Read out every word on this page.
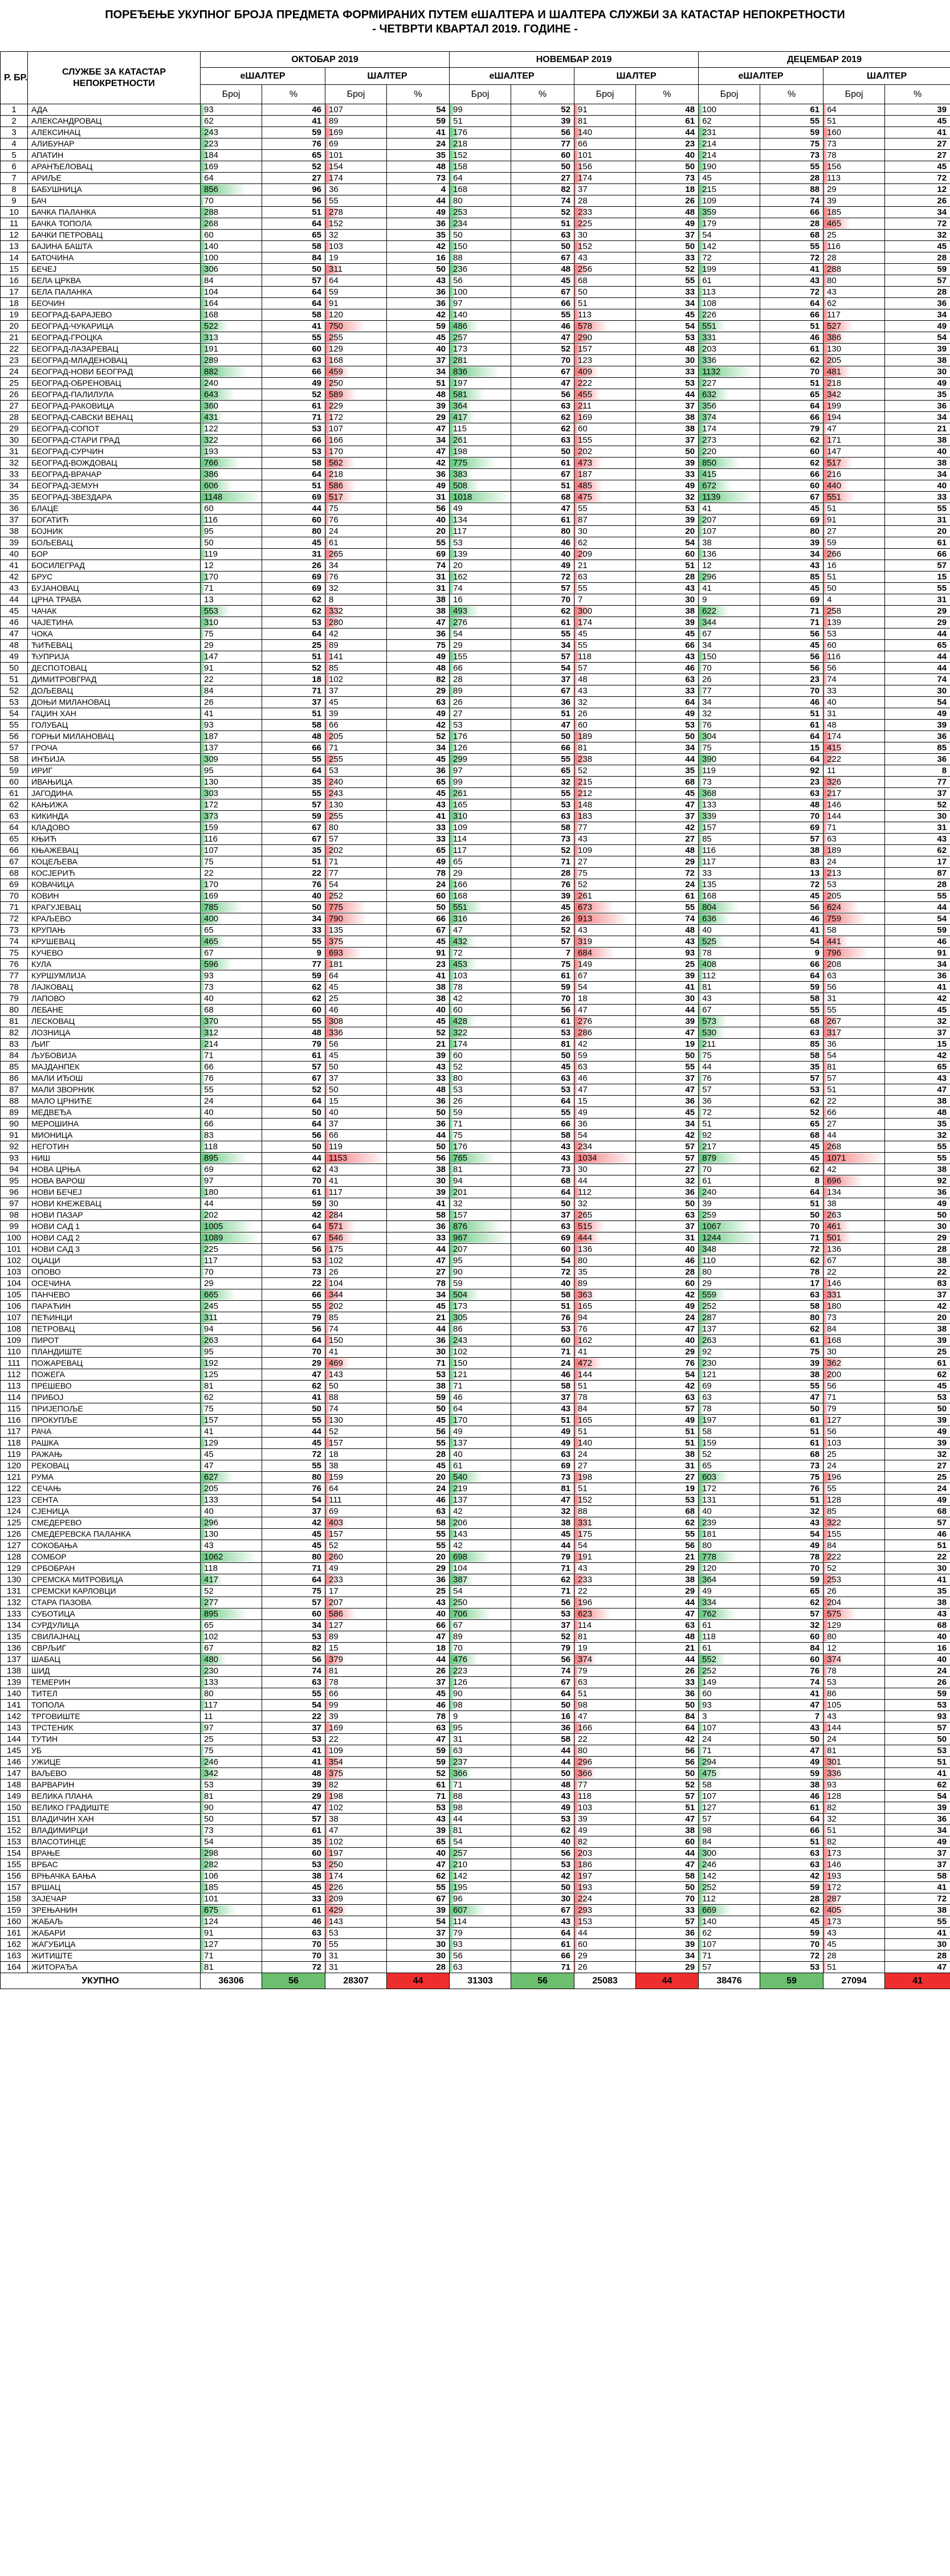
ПОРЕЂЕЊЕ УКУПНОГ БРОЈА ПРЕДМЕТА ФОРМИРАНИХ ПУТЕМ еШАЛТЕРА И ШАЛТЕРА СЛУЖБИ ЗА КАТАСТАР НЕПОКРЕТНОСТИ
- ЧЕТВРТИ КВАРТАЛ 2019. ГОДИНЕ -
Р. БР.	СЛУЖБЕ ЗА КАТАСТАР НЕПОКРЕТНОСТИ	ОКТОБАР 2019				НОВЕМБАР 2019				ДЕЦЕМБАР 2019			
		еШАЛТЕР		ШАЛТЕР		еШАЛТЕР		ШАЛТЕР		еШАЛТЕР		ШАЛТЕР	
		Број	%	Број	%	Број	%	Број	%	Број	%	Број	%
1	АДА	93	46	107	54	99	52	91	48	100	61	64	39
2	АЛЕКСАНДРОВАЦ	62	41	89	59	51	39	81	61	62	55	51	45
3	АЛЕКСИНАЦ	243	59	169	41	176	56	140	44	231	59	160	41
4	АЛИБУНАР	223	76	69	24	218	77	66	23	214	75	73	27
5	АПАТИН	184	65	101	35	152	60	101	40	214	73	78	27
6	АРАНЂЕЛОВАЦ	169	52	154	48	158	50	156	50	190	55	156	45
7	АРИЉЕ	64	27	174	73	64	27	174	73	45	28	113	72
8	БАБУШНИЦА	856	96	36	4	168	82	37	18	215	88	29	12
9	БАЧ	70	56	55	44	80	74	28	26	109	74	39	26
10	БАЧКА ПАЛАНКА	288	51	278	49	253	52	233	48	359	66	185	34
11	БАЧКА ТОПОЛА	268	64	152	36	234	51	225	49	179	28	465	72
12	БАЧКИ ПЕТРОВАЦ	60	65	32	35	50	63	30	37	54	68	25	32
13	БАЈИНА БАШТА	140	58	103	42	150	50	152	50	142	55	116	45
14	БАТОЧИНА	100	84	19	16	88	67	43	33	72	72	28	28
15	БЕЧЕЈ	306	50	311	50	236	48	256	52	199	41	288	59
16	БЕЛА ЦРКВА	84	57	64	43	56	45	68	55	61	43	80	57
17	БЕЛА ПАЛАНКА	104	64	59	36	100	67	50	33	113	72	43	28
18	БЕОЧИН	164	64	91	36	97	66	51	34	108	64	62	36
19	БЕОГРАД-БАРАЈЕВО	168	58	120	42	140	55	113	45	226	66	117	34
20	БЕОГРАД-ЧУКАРИЦА	522	41	750	59	486	46	578	54	551	51	527	49
21	БЕОГРАД-ГРОЦКА	313	55	255	45	257	47	290	53	331	46	386	54
22	БЕОГРАД-ЛАЗАРЕВАЦ	191	60	129	40	173	52	157	48	203	61	130	39
23	БЕОГРАД-МЛАДЕНОВАЦ	289	63	168	37	281	70	123	30	336	62	205	38
24	БЕОГРАД-НОВИ БЕОГРАД	882	66	459	34	836	67	409	33	1132	70	481	30
25	БЕОГРАД-ОБРЕНОВАЦ	240	49	250	51	197	47	222	53	227	51	218	49
26	БЕОГРАД-ПАЛИЛУЛА	643	52	589	48	581	56	455	44	632	65	342	35
27	БЕОГРАД-РАКОВИЦА	360	61	229	39	364	63	211	37	356	64	199	36
28	БЕОГРАД-САВСКИ ВЕНАЦ	431	71	172	29	417	62	169	38	374	66	194	34
29	БЕОГРАД-СОПОТ	122	53	107	47	115	62	60	38	174	79	47	21
30	БЕОГРАД-СТАРИ ГРАД	322	66	166	34	261	63	155	37	273	62	171	38
31	БЕОГРАД-СУРЧИН	193	53	170	47	198	50	202	50	220	60	147	40
32	БЕОГРАД-ВОЖДОВАЦ	766	58	562	42	775	61	473	39	850	62	517	38
33	БЕОГРАД-ВРАЧАР	386	64	218	36	383	67	187	33	415	66	216	34
34	БЕОГРАД-ЗЕМУН	606	51	586	49	508	51	485	49	672	60	440	40
35	БЕОГРАД-ЗВЕЗДАРА	1148	69	517	31	1018	68	475	32	1139	67	551	33
36	БЛАЦЕ	60	44	75	56	49	47	55	53	41	45	51	55
37	БОГАТИЋ	116	60	76	40	134	61	87	39	207	69	91	31
38	БОЈНИК	95	80	24	20	117	80	30	20	107	80	27	20
39	БОЉЕВАЦ	50	45	61	55	53	46	62	54	38	39	59	61
40	БОР	119	31	265	69	139	40	209	60	136	34	266	66
41	БОСИЛЕГРАД	12	26	34	74	20	49	21	51	12	43	16	57
42	БРУС	170	69	76	31	162	72	63	28	296	85	51	15
43	БУЈАНОВАЦ	71	69	32	31	74	57	55	43	41	45	50	55
44	ЦРНА ТРАВА	13	62	8	38	16	70	7	30	9	69	4	31
45	ЧАЧАК	553	62	332	38	493	62	300	38	622	71	258	29
46	ЧАЈЕТИНА	310	53	280	47	276	61	174	39	344	71	139	29
47	ЧОКА	75	64	42	36	54	55	45	45	67	56	53	44
48	ЋИЋЕВАЦ	29	25	89	75	29	34	55	66	34	45	60	65
49	ЋУПРИЈА	147	51	141	49	155	57	118	43	150	56	116	44
50	ДЕСПОТОВАЦ	91	52	85	48	66	54	57	46	70	56	56	44
51	ДИМИТРОВГРАД	22	18	102	82	28	37	48	63	26	23	74	74
52	ДОЉЕВАЦ	84	71	37	29	89	67	43	33	77	70	33	30
53	ДОЊИ МИЛАНОВАЦ	26	37	45	63	26	36	32	64	34	46	40	54
54	ГАЏИН ХАН	41	51	39	49	27	51	26	49	32	51	31	49
55	ГОЛУБАЦ	93	58	66	42	53	47	60	53	76	61	48	39
56	ГОРЊИ МИЛАНОВАЦ	187	48	205	52	176	50	189	50	304	64	174	36
57	ГРОЧА	137	66	71	34	126	66	81	34	75	15	415	85
58	ИНЂИЈА	309	55	255	45	299	55	238	44	390	64	222	36
59	ИРИГ	95	64	53	36	97	65	52	35	119	92	11	8
60	ИВАЊИЦА	130	35	240	65	99	32	215	68	73	23	326	77
61	ЈАГОДИНА	303	55	243	45	261	55	212	45	368	63	217	37
62	КАЊИЖА	172	57	130	43	165	53	148	47	133	48	146	52
63	КИКИНДА	373	59	255	41	310	63	183	37	339	70	144	30
64	КЛАДОВО	159	67	80	33	109	58	77	42	157	69	71	31
65	КЊИЋ	116	67	57	33	114	73	43	27	85	57	63	43
66	КЊАЖЕВАЦ	107	35	202	65	117	52	109	48	116	38	189	62
67	КОЦЕЉЕВА	75	51	71	49	65	71	27	29	117	83	24	17
68	КОСЈЕРИЋ	22	22	77	78	29	28	75	72	33	13	213	87
69	КОВАЧИЦА	170	76	54	24	166	76	52	24	135	72	53	28
70	КОВИН	169	40	252	60	168	39	261	61	168	45	205	55
71	КРАГУЈЕВАЦ	785	50	775	50	551	45	673	55	804	56	624	44
72	КРАЉЕВО	400	34	790	66	316	26	913	74	636	46	759	54
73	КРУПАЊ	65	33	135	67	47	52	43	48	40	41	58	59
74	КРУШЕВАЦ	465	55	375	45	432	57	319	43	525	54	441	46
75	КУЧЕВО	67	9	693	91	72	7	684	93	78	9	796	91
76	КУЛА	596	77	181	23	453	75	149	25	408	66	208	34
77	КУРШУМЛИЈА	93	59	64	41	103	61	67	39	112	64	63	36
78	ЛАЈКОВАЦ	73	62	45	38	78	59	54	41	81	59	56	41
79	ЛАПОВО	40	62	25	38	42	70	18	30	43	58	31	42
80	ЛЕБАНЕ	68	60	46	40	60	56	47	44	67	55	55	45
81	ЛЕСКОВАЦ	370	55	308	45	428	61	276	39	573	68	267	32
82	ЛОЗНИЦА	312	48	336	52	322	53	286	47	530	63	317	37
83	ЉИГ	214	79	56	21	174	81	42	19	211	85	36	15
84	ЉУБОВИЈА	71	61	45	39	60	50	59	50	75	58	54	42
85	МАЈДАНПЕК	66	57	50	43	52	45	63	55	44	35	81	65
86	МАЛИ ИЂОШ	76	67	37	33	80	63	46	37	76	57	57	43
87	МАЛИ ЗВОРНИК	55	52	50	48	53	53	47	47	57	53	51	47
88	МАЛО ЦРНИЋЕ	24	64	15	36	26	64	15	36	36	62	22	38
89	МЕДВЕЂА	40	50	40	50	59	55	49	45	72	52	66	48
90	МЕРОШИНА	66	64	37	36	71	66	36	34	51	65	27	35
91	МИОНИЦА	83	56	66	44	75	58	54	42	92	68	44	32
92	НЕГОТИН	118	50	119	50	176	43	234	57	217	45	268	55
93	НИШ	895	44	1153	56	765	43	1034	57	879	45	1071	55
94	НОВА ЦРЊА	69	62	43	38	81	73	30	27	70	62	42	38
95	НОВА ВАРОШ	97	70	41	30	94	68	44	32	61	8	696	92
96	НОВИ БЕЧЕЈ	180	61	117	39	201	64	112	36	240	64	134	36
97	НОВИ КНЕЖЕВАЦ	44	59	30	41	32	50	32	50	39	51	38	49
98	НОВИ ПАЗАР	202	42	284	58	157	37	265	63	259	50	263	50
99	НОВИ САД 1	1005	64	571	36	876	63	515	37	1067	70	461	30
100	НОВИ САД 2	1089	67	546	33	967	69	444	31	1244	71	501	29
101	НОВИ САД 3	225	56	175	44	207	60	136	40	348	72	136	28
102	ОЏАЦИ	117	53	102	47	95	54	80	46	110	62	67	38
103	ОПОВО	70	73	26	27	90	72	35	28	80	78	22	22
104	ОСЕЧИНА	29	22	104	78	59	40	89	60	29	17	146	83
105	ПАНЧЕВО	665	66	344	34	504	58	363	42	559	63	331	37
106	ПАРАЋИН	245	55	202	45	173	51	165	49	252	58	180	42
107	ПЕЋИНЦИ	311	79	85	21	305	76	94	24	287	80	73	20
108	ПЕТРОВАЦ	94	56	74	44	86	53	76	47	137	62	84	38
109	ПИРОТ	263	64	150	36	243	60	162	40	263	61	168	39
110	ПЛАНДИШТЕ	95	70	41	30	102	71	41	29	92	75	30	25
111	ПОЖАРЕВАЦ	192	29	469	71	150	24	472	76	230	39	362	61
112	ПОЖЕГА	125	47	143	53	121	46	144	54	121	38	200	62
113	ПРЕШЕВО	81	62	50	38	71	58	51	42	69	55	56	45
114	ПРИБОЈ	62	41	88	59	46	37	78	63	63	47	71	53
115	ПРИЈЕПОЉЕ	75	50	74	50	64	43	84	57	78	50	79	50
116	ПРОКУПЉЕ	157	55	130	45	170	51	165	49	197	61	127	39
117	РАЧА	41	44	52	56	49	49	51	51	58	51	56	49
118	РАШКА	129	45	157	55	137	49	140	51	159	61	103	39
119	РАЖАЊ	45	72	18	28	40	63	24	38	52	68	25	32
120	РЕКОВАЦ	47	55	38	45	61	69	27	31	65	73	24	27
121	РУМА	627	80	159	20	540	73	198	27	603	75	196	25
122	СЕЧАЊ	205	76	64	24	219	81	51	19	172	76	55	24
123	СЕНТА	133	54	111	46	137	47	152	53	131	51	128	49
124	СЈЕНИЦА	40	37	69	63	42	32	88	68	40	32	85	68
125	СМЕДЕРЕВО	296	42	403	58	206	38	331	62	239	43	322	57
126	СМЕДЕРЕВСКА ПАЛАНКА	130	45	157	55	143	45	175	55	181	54	155	46
127	СОКОБАЊА	43	45	52	55	42	44	54	56	80	49	84	51
128	СОМБОР	1062	80	260	20	698	79	191	21	778	78	222	22
129	СРБОБРАН	118	71	49	29	104	71	43	29	120	70	52	30
130	СРЕМСКА МИТРОВИЦА	417	64	233	36	387	62	233	38	364	59	253	41
131	СРЕМСКИ КАРЛОВЦИ	52	75	17	25	54	71	22	29	49	65	26	35
132	СТАРА ПАЗОВА	277	57	207	43	250	56	196	44	334	62	204	38
133	СУБОТИЦА	895	60	586	40	706	53	623	47	762	57	575	43
134	СУРДУЛИЦА	65	34	127	66	67	37	114	63	61	32	129	68
135	СВИЛАЈНАЦ	102	53	89	47	89	52	81	48	118	60	80	40
136	СВРЉИГ	67	82	15	18	70	79	19	21	61	84	12	16
137	ШАБАЦ	480	56	379	44	476	56	374	44	552	60	374	40
138	ШИД	230	74	81	26	223	74	79	26	252	76	78	24
139	ТЕМЕРИН	133	63	78	37	126	67	63	33	149	74	53	26
140	ТИТЕЛ	80	55	66	45	90	64	51	36	60	41	86	59
141	ТОПОЛА	117	54	99	46	98	50	98	50	93	47	105	53
142	ТРГОВИШТЕ	11	22	39	78	9	16	47	84	3	7	43	93
143	ТРСТЕНИК	97	37	169	63	95	36	166	64	107	43	144	57
144	ТУТИН	25	53	22	47	31	58	22	42	24	50	24	50
145	УБ	75	41	109	59	63	44	80	56	71	47	81	53
146	УЖИЦЕ	246	41	354	59	237	44	296	56	294	49	301	51
147	ВАЉЕВО	342	48	375	52	366	50	366	50	475	59	336	41
148	ВАРВАРИН	53	39	82	61	71	48	77	52	58	38	93	62
149	ВЕЛИКА ПЛАНА	81	29	198	71	88	43	118	57	107	46	128	54
150	ВЕЛИКО ГРАДИШТЕ	90	47	102	53	98	49	103	51	127	61	82	39
151	ВЛАДИЧИН ХАН	50	57	38	43	44	53	39	47	57	64	32	36
152	ВЛАДИМИРЦИ	73	61	47	39	81	62	49	38	98	66	51	34
153	ВЛАСОТИНЦЕ	54	35	102	65	54	40	82	60	84	51	82	49
154	ВРАЊЕ	298	60	197	40	257	56	203	44	300	63	173	37
155	ВРБАС	282	53	250	47	210	53	186	47	246	63	146	37
156	ВРЊАЧКА БАЊА	106	38	174	62	142	42	197	58	142	42	193	58
157	ВРШАЦ	185	45	226	55	195	50	193	50	252	59	172	41
158	ЗАЈЕЧАР	101	33	209	67	96	30	224	70	112	28	287	72
159	ЗРЕЊАНИН	675	61	429	39	607	67	293	33	669	62	405	38
160	ЖАБАЉ	124	46	143	54	114	43	153	57	140	45	173	55
161	ЖАБАРИ	91	63	53	37	79	64	44	36	62	59	43	41
162	ЖАГУБИЦА	127	70	55	30	93	61	60	39	107	70	45	30
163	ЖИТИШТЕ	71	70	31	30	56	66	29	34	71	72	28	28
164	ЖИТОРАЂА	81	72	31	28	63	71	26	29	57	53	51	47
УКУПНО		36306	56	28307	44	31303	56	25083	44	38476	59	27094	41
